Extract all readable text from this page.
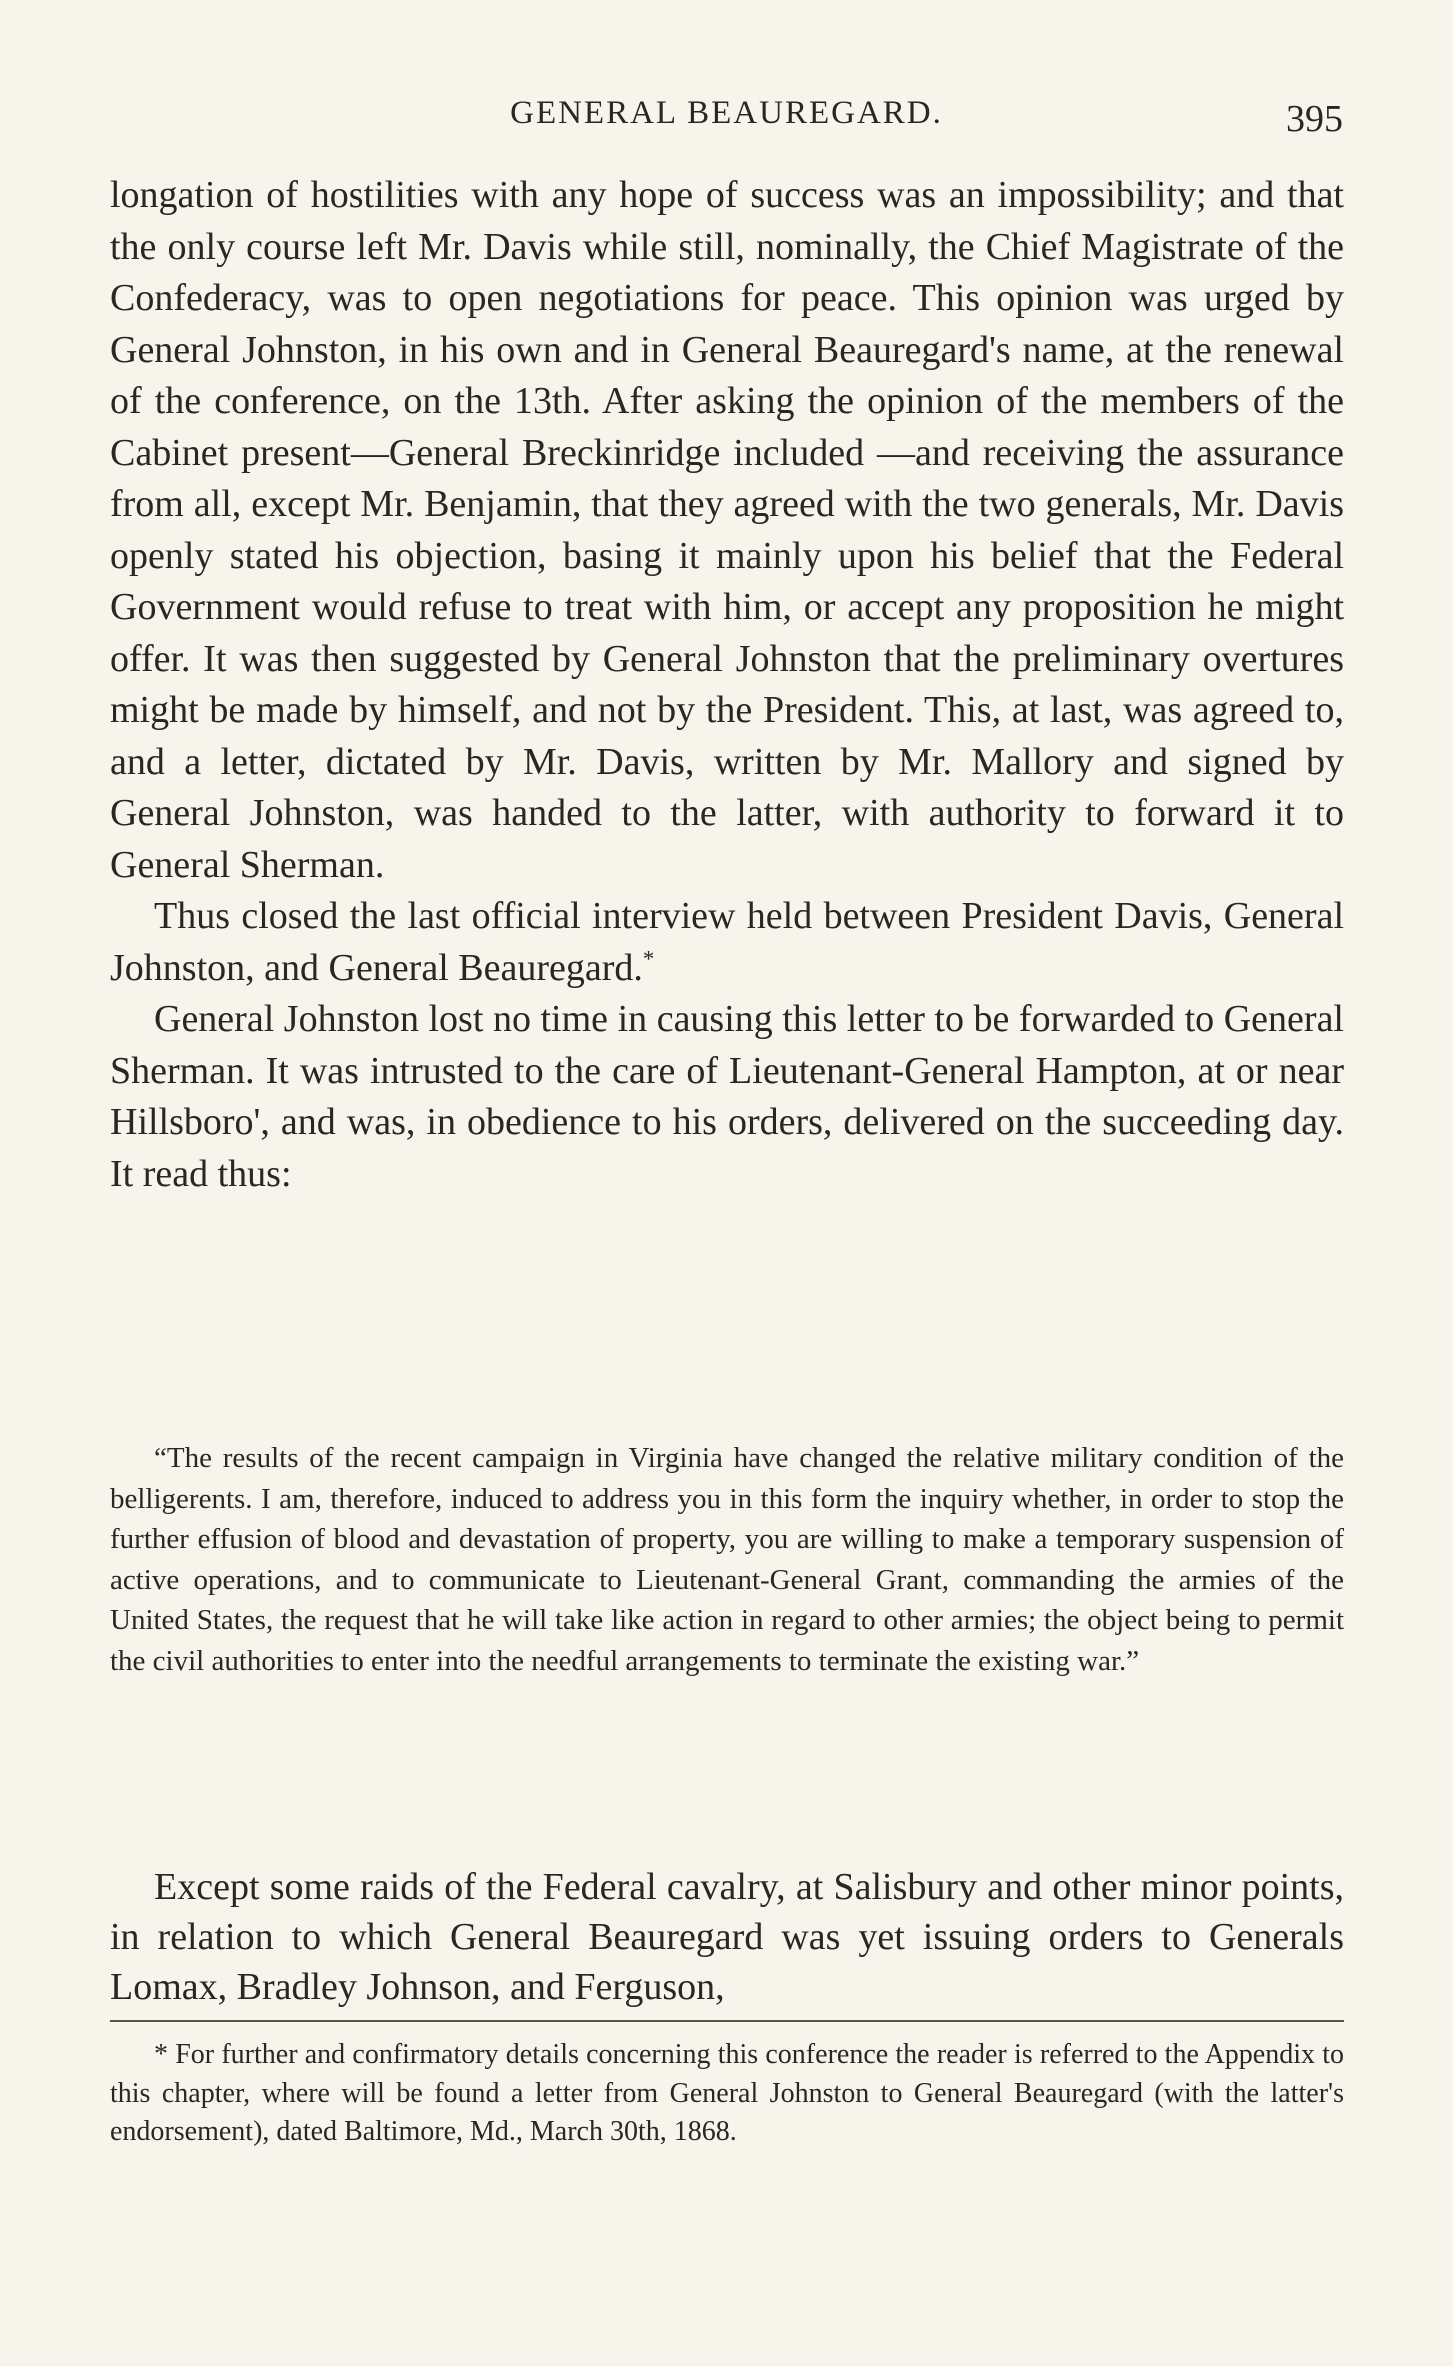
GENERAL BEAUREGARD.	395

longation of hostilities with any hope of success was an impossibility; and that the only course left Mr. Davis while still, nominally, the Chief Magistrate of the Confederacy, was to open negotiations for peace. This opinion was urged by General Johnston, in his own and in General Beauregard's name, at the renewal of the conference, on the 13th. After asking the opinion of the members of the Cabinet present—General Breckinridge included —and receiving the assurance from all, except Mr. Benjamin, that they agreed with the two generals, Mr. Davis openly stated his objection, basing it mainly upon his belief that the Federal Government would refuse to treat with him, or accept any proposition he might offer. It was then suggested by General Johnston that the preliminary overtures might be made by himself, and not by the President. This, at last, was agreed to, and a letter, dictated by Mr. Davis, written by Mr. Mallory and signed by General Johnston, was handed to the latter, with authority to forward it to General Sherman.

Thus closed the last official interview held between President Davis, General Johnston, and General Beauregard.*

General Johnston lost no time in causing this letter to be forwarded to General Sherman. It was intrusted to the care of Lieutenant-General Hampton, at or near Hillsboro', and was, in obedience to his orders, delivered on the succeeding day. It read thus:

“The results of the recent campaign in Virginia have changed the relative military condition of the belligerents. I am, therefore, induced to address you in this form the inquiry whether, in order to stop the further effusion of blood and devastation of property, you are willing to make a temporary suspension of active operations, and to communicate to Lieutenant-General Grant, commanding the armies of the United States, the request that he will take like action in regard to other armies; the object being to permit the civil authorities to enter into the needful arrangements to terminate the existing war.”

Except some raids of the Federal cavalry, at Salisbury and other minor points, in relation to which General Beauregard was yet issuing orders to Generals Lomax, Bradley Johnson, and Ferguson,

* For further and confirmatory details concerning this conference the reader is referred to the Appendix to this chapter, where will be found a letter from General Johnston to General Beauregard (with the latter's endorsement), dated Baltimore, Md., March 30th, 1868.
